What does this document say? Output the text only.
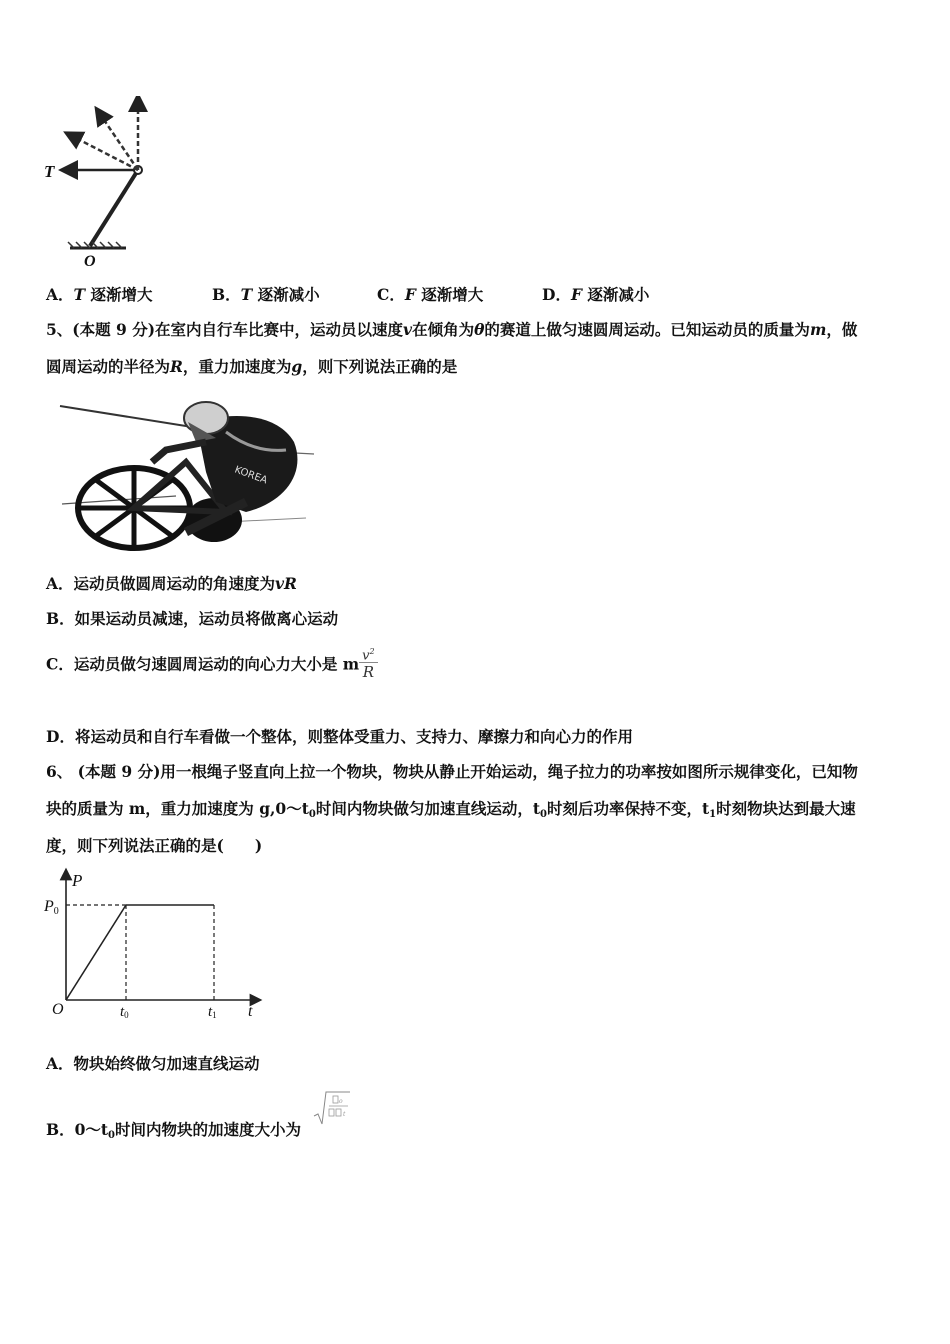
T
O
A．T 逐渐增大	B．T 逐渐减小	C．F 逐渐增大	D．F 逐渐减小
5、(本题 9 分)在室内自行车比赛中，运动员以速度v在倾角为θ的赛道上做匀速圆周运动。已知运动员的质量为m，做
圆周运动的半径为R，重力加速度为g，则下列说法正确的是
KOREA
A．运动员做圆周运动的角速度为vR
B．如果运动员减速，运动员将做离心运动
C．运动员做匀速圆周运动的向心力大小是 m $\frac{v^2}{R}$
D．将运动员和自行车看做一个整体，则整体受重力、支持力、摩擦力和向心力的作用
6、 (本题 9 分)用一根绳子竖直向上拉一个物块，物块从静止开始运动，绳子拉力的功率按如图所示规律变化，已知物
块的质量为 m，重力加速度为 $g,0\sim t_0$时间内物块做匀加速直线运动，$t_0$时刻后功率保持不变，$t_1$时刻物块达到最大速
度，则下列说法正确的是(　　)
P
P0
O	t0	t1 t
A．物块始终做匀加速直线运动
B．$0\sim t_0$时间内物块的加速度大小为
o
t
